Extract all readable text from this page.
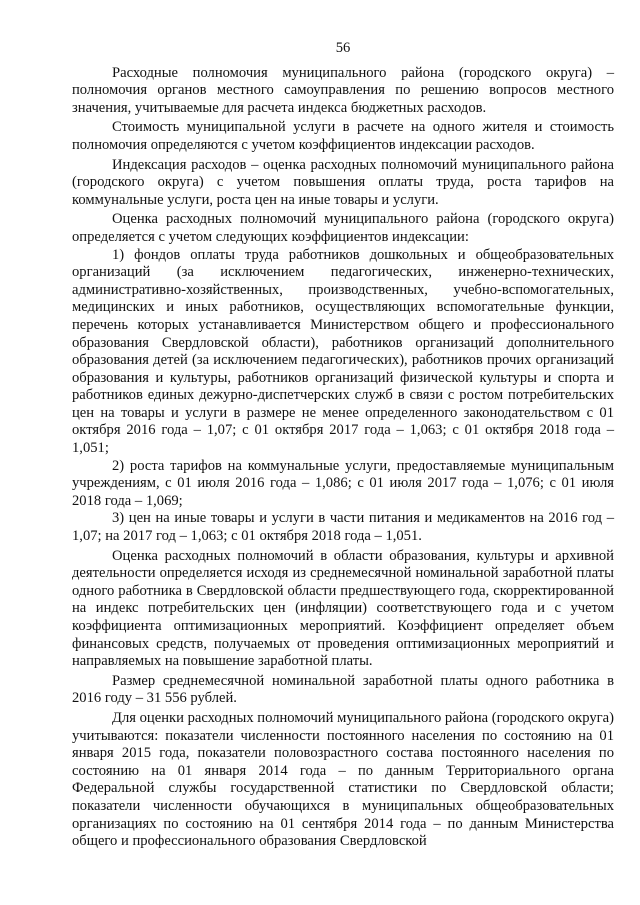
56

Расходные полномочия муниципального района (городского округа) – полномочия органов местного самоуправления по решению вопросов местного значения, учитываемые для расчета индекса бюджетных расходов.

Стоимость муниципальной услуги в расчете на одного жителя и стоимость полномочия определяются с учетом коэффициентов индексации расходов.

Индексация расходов – оценка расходных полномочий муниципального района (городского округа) с учетом повышения оплаты труда, роста тарифов на коммунальные услуги, роста цен на иные товары и услуги.

Оценка расходных полномочий муниципального района (городского округа) определяется с учетом следующих коэффициентов индексации:

1) фондов оплаты труда работников дошкольных и общеобразовательных организаций (за исключением педагогических, инженерно-технических, административно-хозяйственных, производственных, учебно-вспомогательных, медицинских и иных работников, осуществляющих вспомогательные функции, перечень которых устанавливается Министерством общего и профессионального образования Свердловской области), работников организаций дополнительного образования детей (за исключением педагогических), работников прочих организаций образования и культуры, работников организаций физической культуры и спорта и работников единых дежурно-диспетчерских служб в связи с ростом потребительских цен на товары и услуги в размере не менее определенного законодательством с 01 октября 2016 года – 1,07; с 01 октября 2017 года – 1,063; с 01 октября 2018 года – 1,051;

2) роста тарифов на коммунальные услуги, предоставляемые муниципальным учреждениям, с 01 июля 2016 года – 1,086; с 01 июля 2017 года – 1,076; с 01 июля 2018 года – 1,069;

3) цен на иные товары и услуги в части питания и медикаментов на 2016 год – 1,07; на 2017 год – 1,063; с 01 октября 2018 года – 1,051.

Оценка расходных полномочий в области образования, культуры и архивной деятельности определяется исходя из среднемесячной номинальной заработной платы одного работника в Свердловской области предшествующего года, скорректированной на индекс потребительских цен (инфляции) соответствующего года и с учетом коэффициента оптимизационных мероприятий. Коэффициент определяет объем финансовых средств, получаемых от проведения оптимизационных мероприятий и направляемых на повышение заработной платы.

Размер среднемесячной номинальной заработной платы одного работника в 2016 году – 31 556 рублей.

Для оценки расходных полномочий муниципального района (городского округа) учитываются: показатели численности постоянного населения по состоянию на 01 января 2015 года, показатели половозрастного состава постоянного населения по состоянию на 01 января 2014 года – по данным Территориального органа Федеральной службы государственной статистики по Свердловской области; показатели численности обучающихся в муниципальных общеобразовательных организациях по состоянию на 01 сентября 2014 года – по данным Министерства общего и профессионального образования Свердловской
